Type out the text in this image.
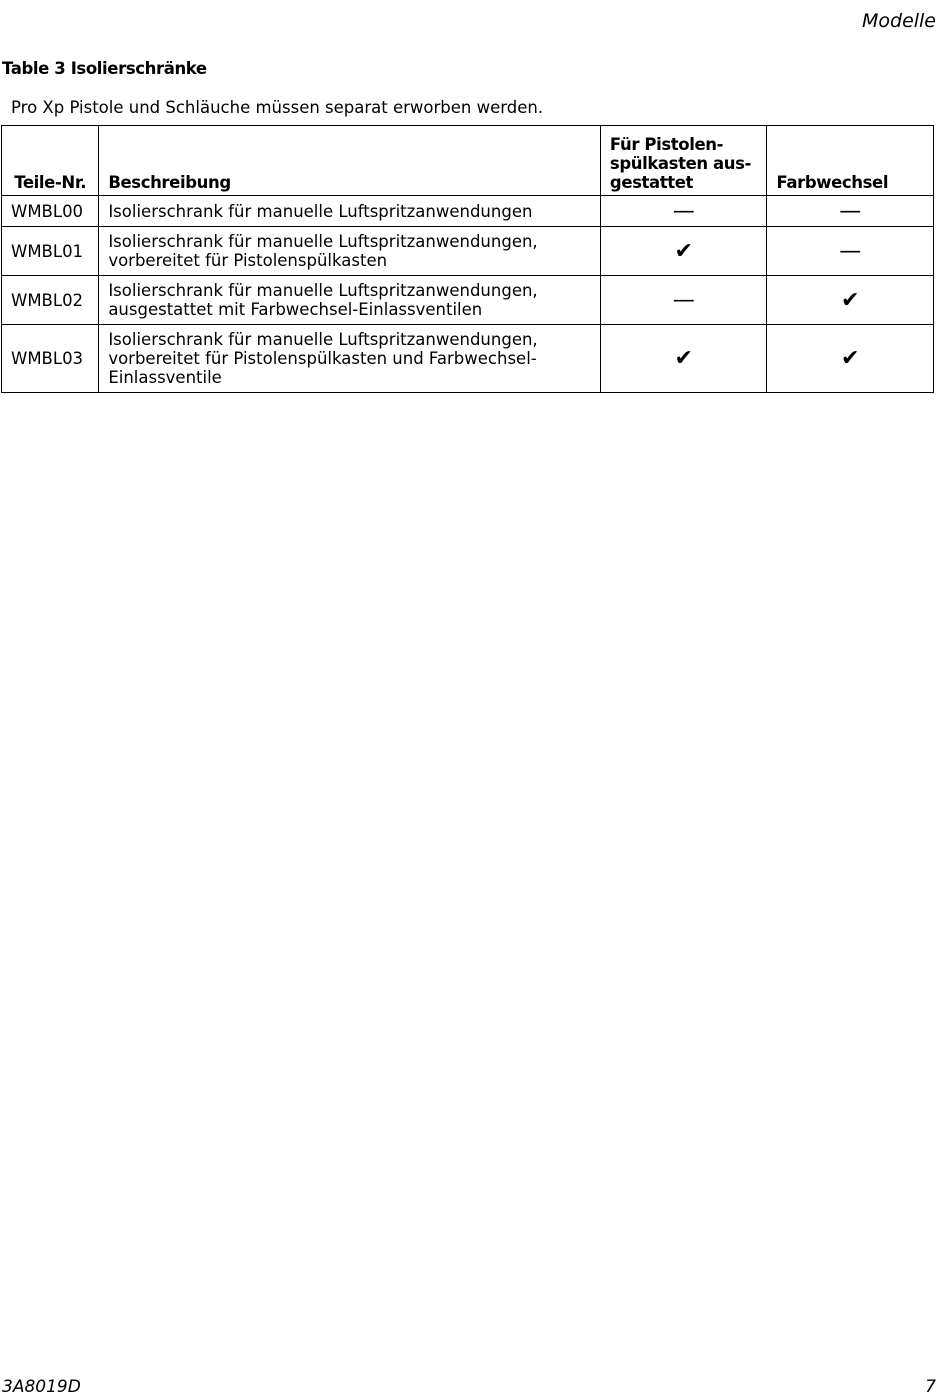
Modelle
Table 3 Isolierschränke
Pro Xp Pistole und Schläuche müssen separat erworben werden.
Teile-Nr.	Beschreibung	Für Pistolen-spülkasten aus-gestattet	Farbwechsel
WMBL00	Isolierschrank für manuelle Luftspritzanwendungen	—	—
WMBL01	Isolierschrank für manuelle Luftspritzanwendungen, vorbereitet für Pistolenspülkasten	✔	—
WMBL02	Isolierschrank für manuelle Luftspritzanwendungen, ausgestattet mit Farbwechsel-Einlassventilen	—	✔
WMBL03	Isolierschrank für manuelle Luftspritzanwendungen, vorbereitet für Pistolenspülkasten und Farbwechsel-Einlassventile	✔	✔
3A8019D	7
